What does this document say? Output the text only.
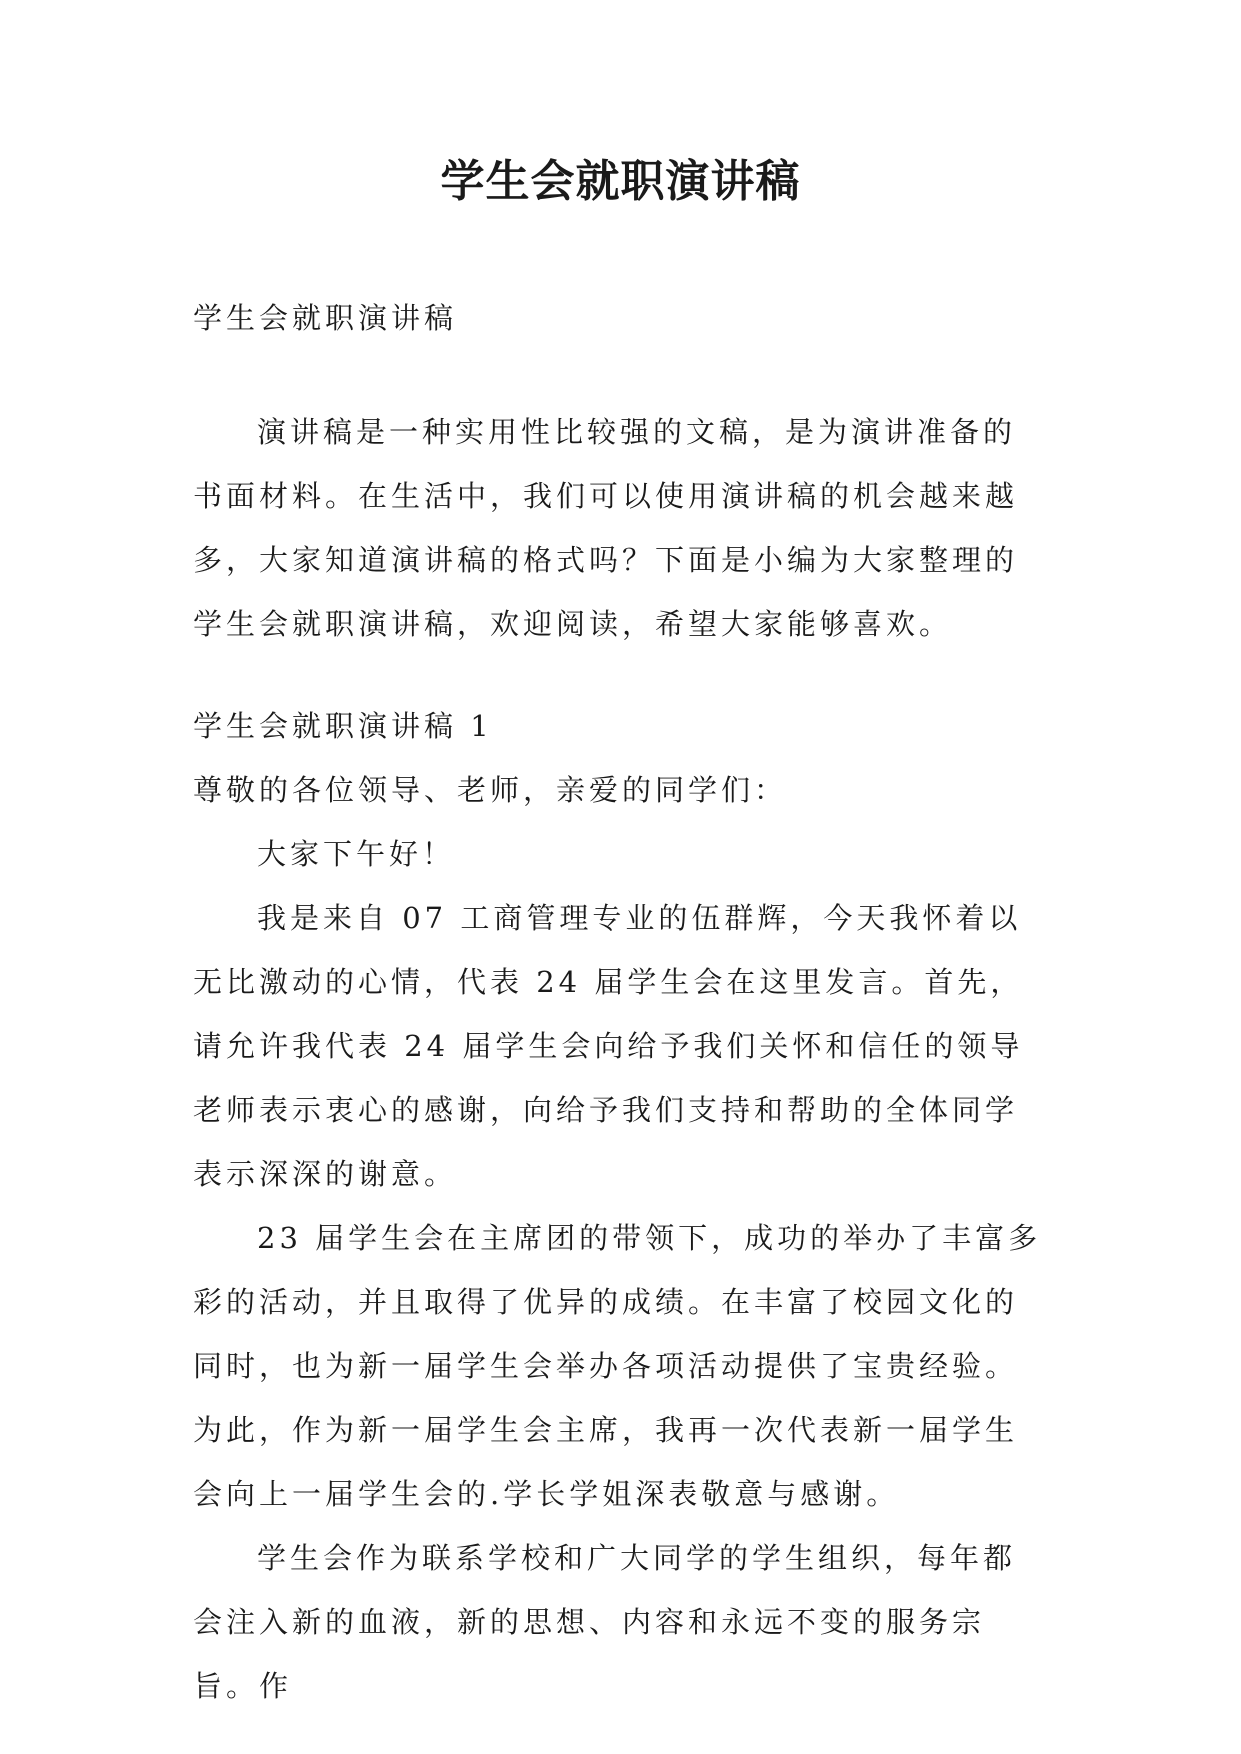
学生会就职演讲稿

学生会就职演讲稿

演讲稿是一种实用性比较强的文稿，是为演讲准备的书面材料。在生活中，我们可以使用演讲稿的机会越来越多，大家知道演讲稿的格式吗？下面是小编为大家整理的学生会就职演讲稿，欢迎阅读，希望大家能够喜欢。

学生会就职演讲稿 1

尊敬的各位领导、老师，亲爱的同学们：

大家下午好！

我是来自 07 工商管理专业的伍群辉，今天我怀着以无比激动的心情，代表 24 届学生会在这里发言。首先，请允许我代表 24 届学生会向给予我们关怀和信任的领导老师表示衷心的感谢，向给予我们支持和帮助的全体同学表示深深的谢意。

23 届学生会在主席团的带领下，成功的举办了丰富多彩的活动，并且取得了优异的成绩。在丰富了校园文化的同时，也为新一届学生会举办各项活动提供了宝贵经验。为此，作为新一届学生会主席，我再一次代表新一届学生会向上一届学生会的.学长学姐深表敬意与感谢。

学生会作为联系学校和广大同学的学生组织，每年都会注入新的血液，新的思想、内容和永远不变的服务宗旨。作
